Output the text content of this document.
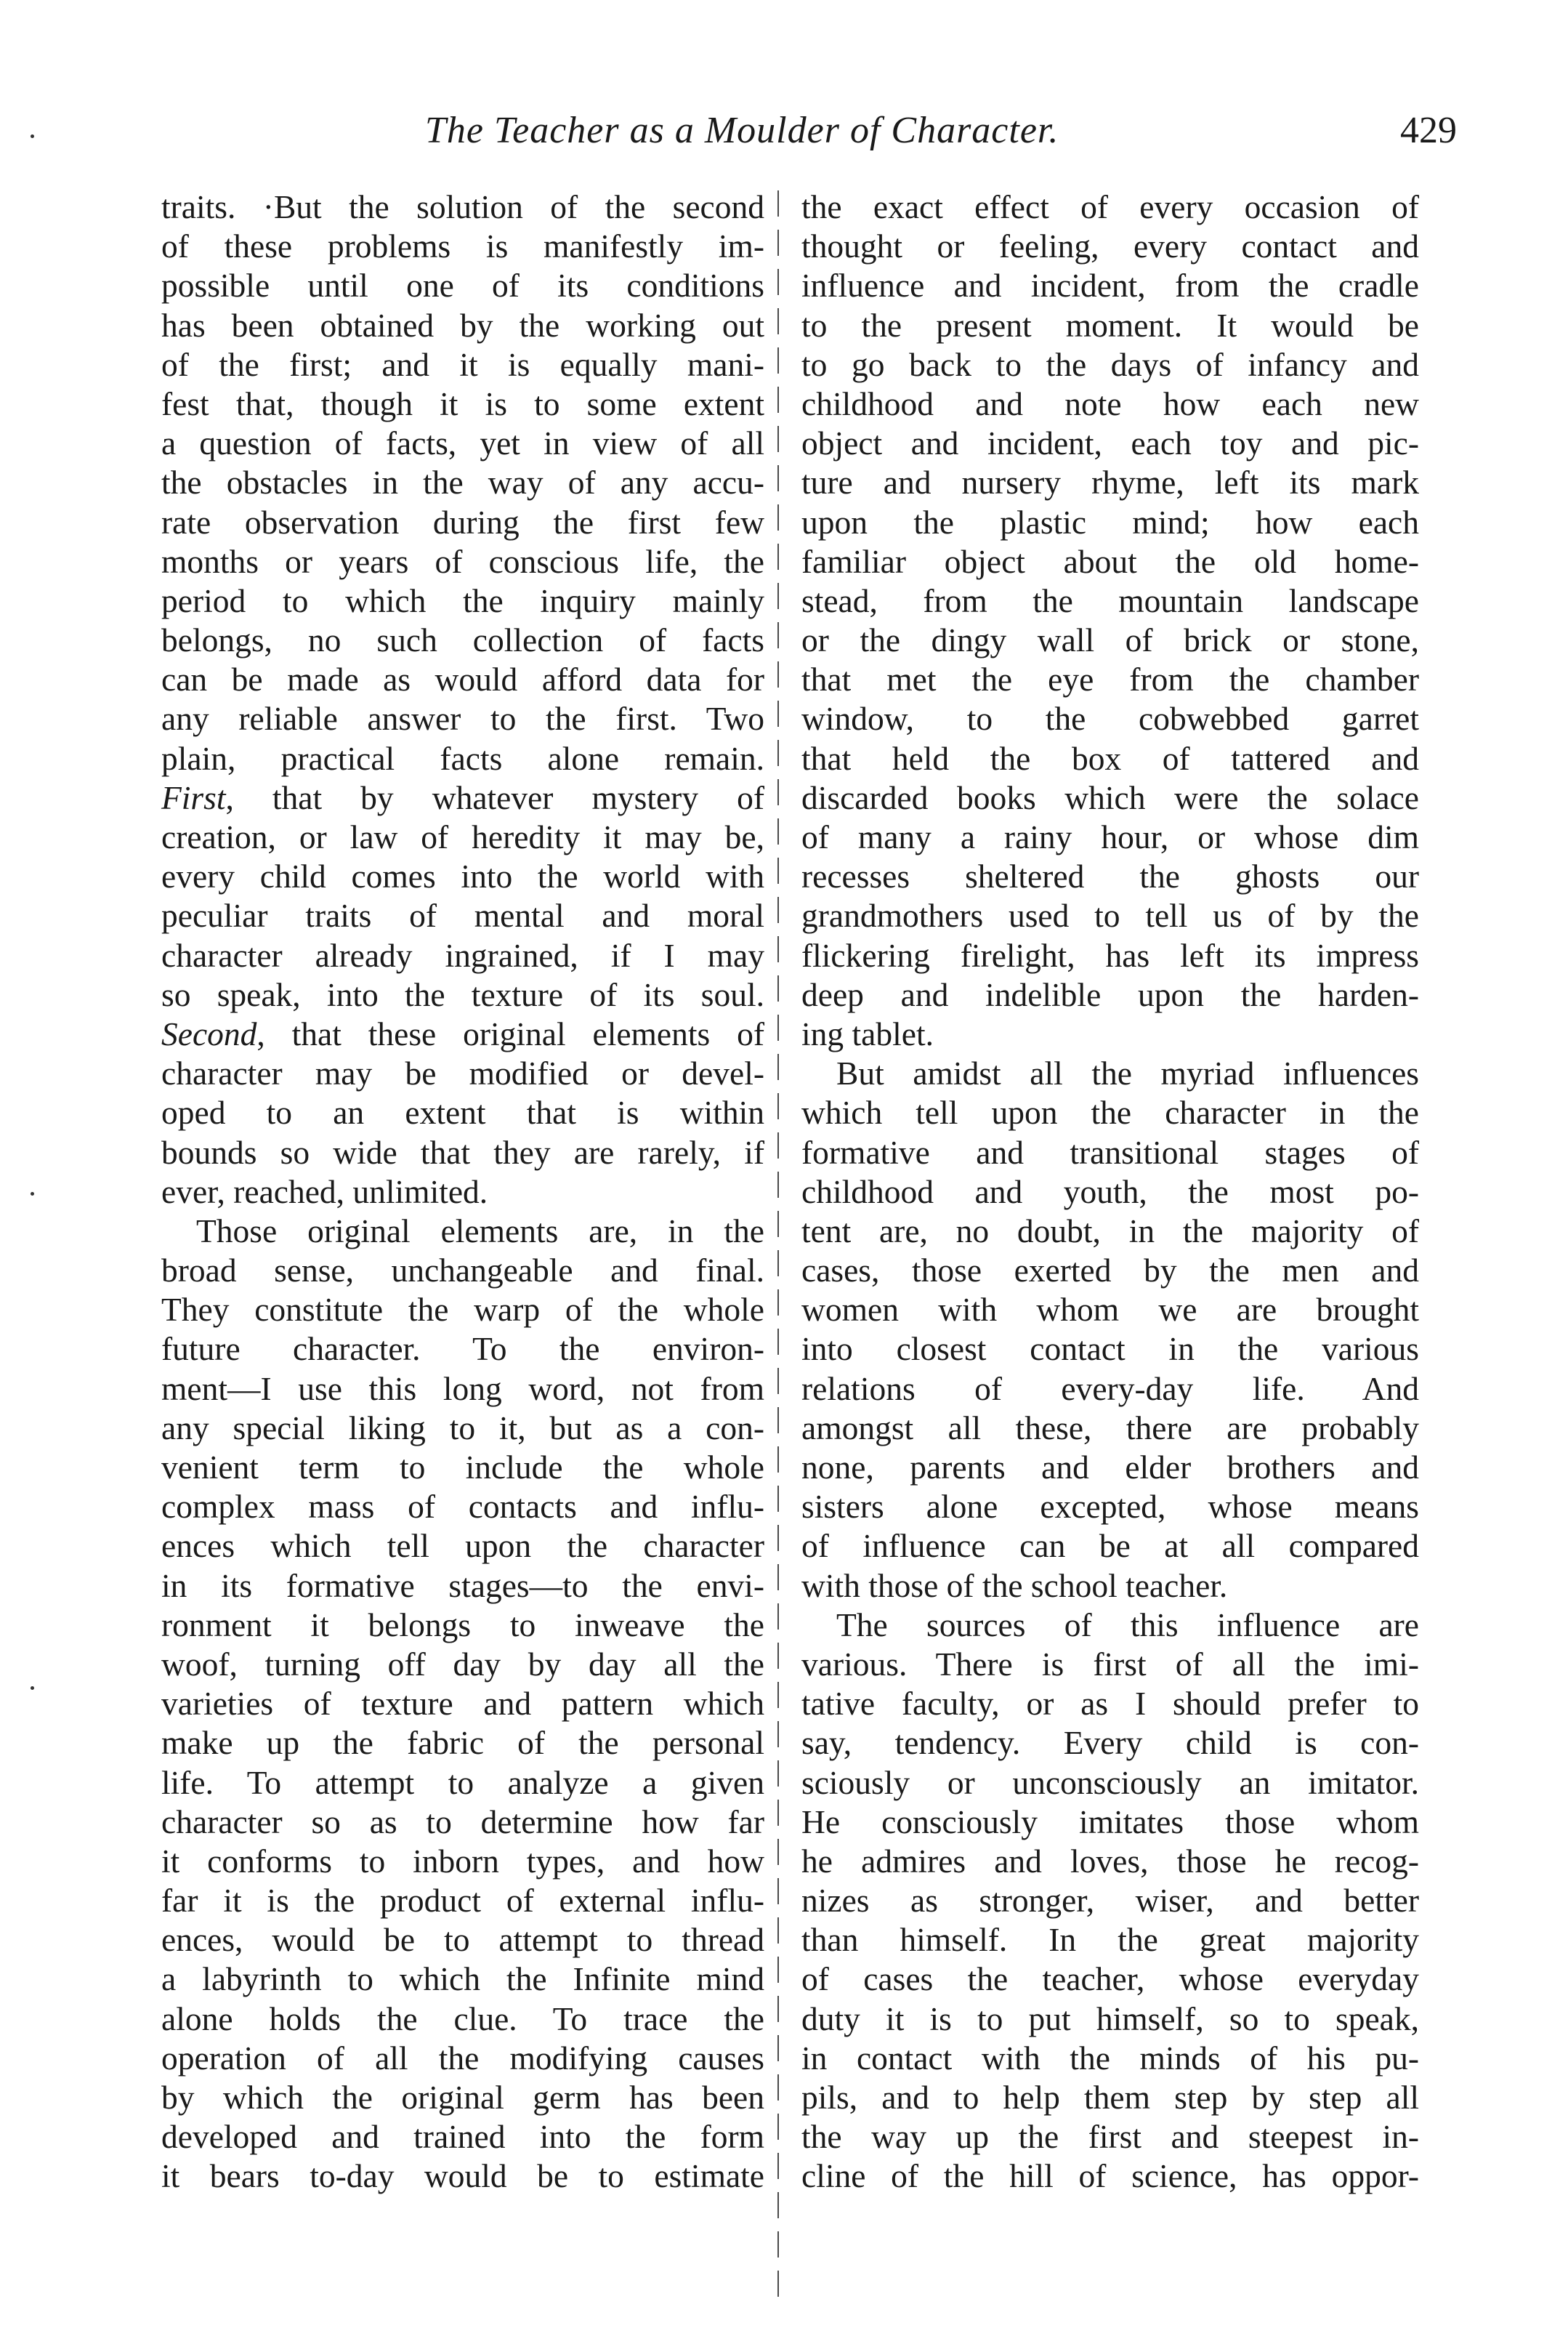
The Teacher as a Moulder of Character.	429
traits. ·But the solution of the second
of these problems is manifestly im-
possible until one of its conditions
has been obtained by the working out
of the first; and it is equally mani-
fest that, though it is to some extent
a question of facts, yet in view of all
the obstacles in the way of any accu-
rate observation during the first few
months or years of conscious life, the
period to which the inquiry mainly
belongs, no such collection of facts
can be made as would afford data for
any reliable answer to the first. Two
plain, practical facts alone remain.
First, that by whatever mystery of
creation, or law of heredity it may be,
every child comes into the world with
peculiar traits of mental and moral
character already ingrained, if I may
so speak, into the texture of its soul.
Second, that these original elements of
character may be modified or devel-
oped to an extent that is within
bounds so wide that they are rarely, if
ever, reached, unlimited.
Those original elements are, in the
broad sense, unchangeable and final.
They constitute the warp of the whole
future character. To the environ-
ment—I use this long word, not from
any special liking to it, but as a con-
venient term to include the whole
complex mass of contacts and influ-
ences which tell upon the character
in its formative stages—to the envi-
ronment it belongs to inweave the
woof, turning off day by day all the
varieties of texture and pattern which
make up the fabric of the personal
life. To attempt to analyze a given
character so as to determine how far
it conforms to inborn types, and how
far it is the product of external influ-
ences, would be to attempt to thread
a labyrinth to which the Infinite mind
alone holds the clue. To trace the
operation of all the modifying causes
by which the original germ has been
developed and trained into the form
it bears to-day would be to estimate
the exact effect of every occasion of
thought or feeling, every contact and
influence and incident, from the cradle
to the present moment. It would be
to go back to the days of infancy and
childhood and note how each new
object and incident, each toy and pic-
ture and nursery rhyme, left its mark
upon the plastic mind; how each
familiar object about the old home-
stead, from the mountain landscape
or the dingy wall of brick or stone,
that met the eye from the chamber
window, to the cobwebbed garret
that held the box of tattered and
discarded books which were the solace
of many a rainy hour, or whose dim
recesses sheltered the ghosts our
grandmothers used to tell us of by the
flickering firelight, has left its impress
deep and indelible upon the harden-
ing tablet.
But amidst all the myriad influences
which tell upon the character in the
formative and transitional stages of
childhood and youth, the most po-
tent are, no doubt, in the majority of
cases, those exerted by the men and
women with whom we are brought
into closest contact in the various
relations of every-day life. And
amongst all these, there are probably
none, parents and elder brothers and
sisters alone excepted, whose means
of influence can be at all compared
with those of the school teacher.
The sources of this influence are
various. There is first of all the imi-
tative faculty, or as I should prefer to
say, tendency. Every child is con-
sciously or unconsciously an imitator.
He consciously imitates those whom
he admires and loves, those he recog-
nizes as stronger, wiser, and better
than himself. In the great majority
of cases the teacher, whose everyday
duty it is to put himself, so to speak,
in contact with the minds of his pu-
pils, and to help them step by step all
the way up the first and steepest in-
cline of the hill of science, has oppor-
